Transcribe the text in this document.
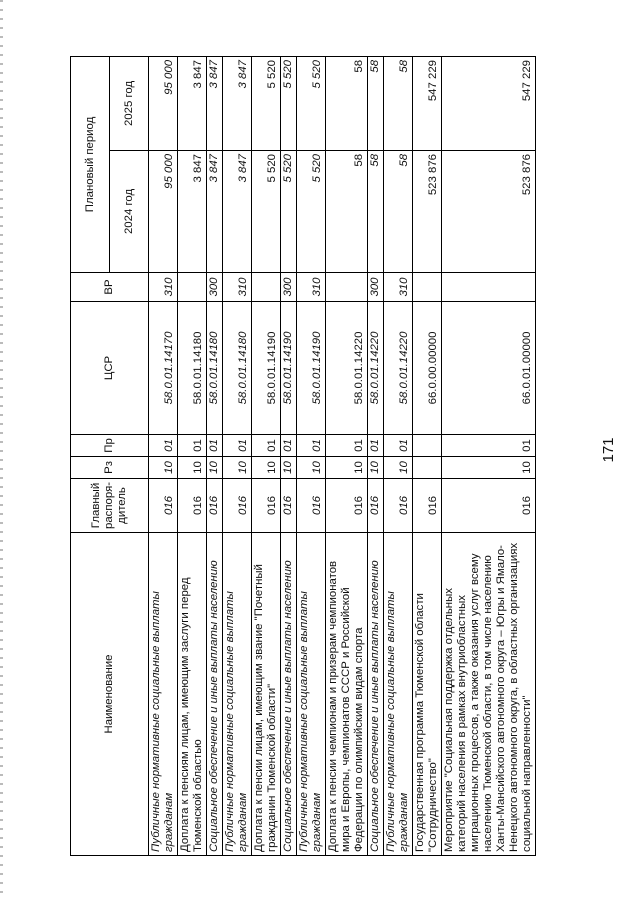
171
Наименование	Главный распоря-дитель	Рз	Пр	ЦСР	ВР	Плановый период	
						2024 год	2025 год
Публичные нормативные социальные выплаты гражданам	016	10	01	58.0.01.14170	310	95 000	95 000
Доплата к пенсиям лицам, имеющим заслуги перед Тюменской областью	016	10	01	58.0.01.14180		3 847	3 847
Социальное обеспечение и иные выплаты населению	016	10	01	58.0.01.14180	300	3 847	3 847
Публичные нормативные социальные выплаты гражданам	016	10	01	58.0.01.14180	310	3 847	3 847
Доплата к пенсии лицам, имеющим звание "Почетный гражданин Тюменской области"	016	10	01	58.0.01.14190		5 520	5 520
Социальное обеспечение и иные выплаты населению	016	10	01	58.0.01.14190	300	5 520	5 520
Публичные нормативные социальные выплаты гражданам	016	10	01	58.0.01.14190	310	5 520	5 520
Доплата к пенсии чемпионам и призерам чемпионатов мира и Европы, чемпионатов СССР и Российской Федерации по олимпийским видам спорта	016	10	01	58.0.01.14220		58	58
Социальное обеспечение и иные выплаты населению	016	10	01	58.0.01.14220	300	58	58
Публичные нормативные социальные выплаты гражданам	016	10	01	58.0.01.14220	310	58	58
Государственная программа Тюменской области "Сотрудничество"	016			66.0.00.00000		523 876	547 229
Мероприятие "Социальная поддержка отдельных категорий населения в рамках внутриобластных миграционных процессов, а также оказания услуг всему населению Тюменской области, в том числе населению Ханты-Мансийского автономного округа – Югры и Ямало-Ненецкого автономного округа, в областных организациях социальной направленности"	016	10	01	66.0.01.00000		523 876	547 229
